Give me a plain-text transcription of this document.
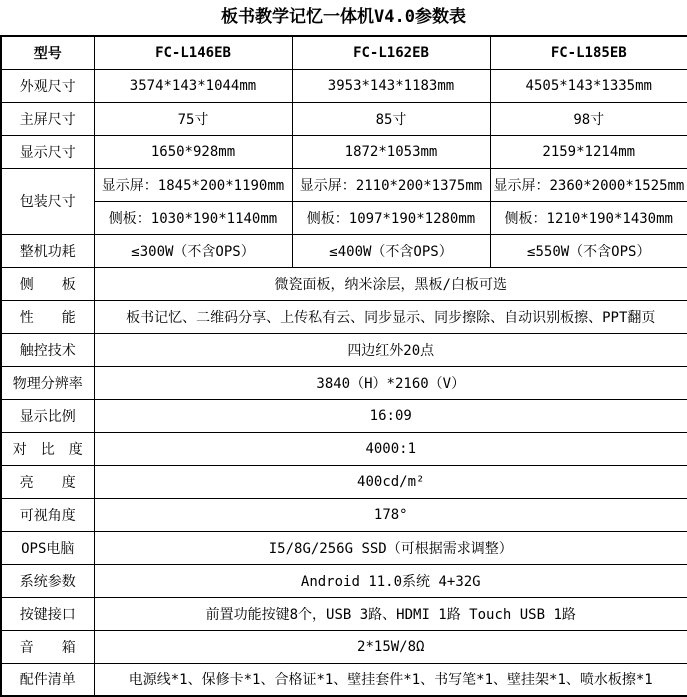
板书教学记忆一体机V4.0参数表
型号	FC-L146EB	FC-L162EB	FC-L185EB
外观尺寸	3574*143*1044mm	3953*143*1183mm	4505*143*1335mm
主屏尺寸	75寸	85寸	98寸
显示尺寸	1650*928mm	1872*1053mm	2159*1214mm
包装尺寸	显示屏：1845*200*1190mm	显示屏：2110*200*1375mm	显示屏：2360*2000*1525mm
	侧板：1030*190*1140mm	侧板：1097*190*1280mm	侧板：1210*190*1430mm
整机功耗	≤300W（不含OPS）	≤400W（不含OPS）	≤550W（不含OPS）
侧　　板	微瓷面板，纳米涂层，黑板/白板可选		
性　　能	板书记忆、二维码分享、上传私有云、同步显示、同步擦除、自动识别板擦、PPT翻页		
触控技术	四边红外20点		
物理分辨率	3840（H）*2160（V）		
显示比例	16:09		
对　比　度	4000:1		
亮　　度	400cd/m²		
可视角度	178°		
OPS电脑	I5/8G/256G SSD（可根据需求调整）		
系统参数	Android 11.0系统 4+32G		
按键接口	前置功能按键8个，USB 3路、HDMI 1路 Touch USB 1路		
音　　箱	2*15W/8Ω		
配件清单	电源线*1、保修卡*1、合格证*1、壁挂套件*1、书写笔*1、壁挂架*1、喷水板擦*1		
